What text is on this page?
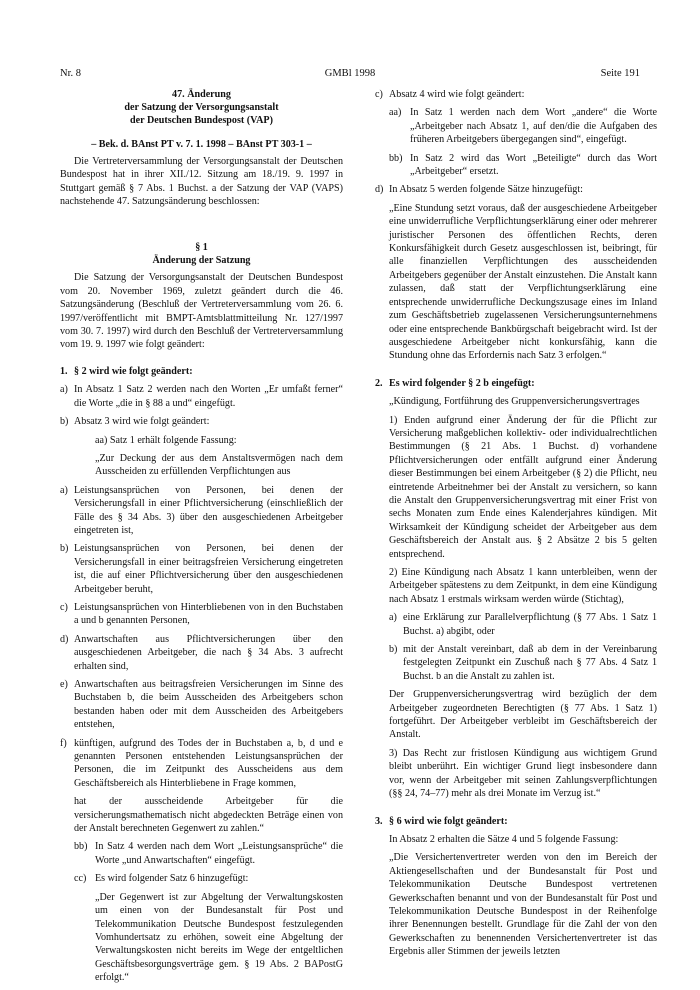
Nr. 8	GMBl 1998	Seite 191
47. Änderung
der Satzung der Versorgungsanstalt
der Deutschen Bundespost (VAP)

– Bek. d. BAnst PT v. 7. 1. 1998 – BAnst PT 303-1 –

Die Vertreterversammlung der Versorgungsanstalt der Deutschen Bundespost hat in ihrer XII./12. Sitzung am 18./19. 9. 1997 in Stuttgart gemäß § 7 Abs. 1 Buchst. a der Satzung der VAP (VAPS) nachstehende 47. Satzungsänderung beschlossen:

§ 1
Änderung der Satzung

Die Satzung der Versorgungsanstalt der Deutschen Bundespost vom 20. November 1969, zuletzt geändert durch die 46. Satzungsänderung (Beschluß der Vertreterversammlung vom 26. 6. 1997/veröffentlicht mit BMPT-Amtsblattmitteilung Nr. 127/1997 vom 30. 7. 1997) wird durch den Beschluß der Vertreterversammlung vom 19. 9. 1997 wie folgt geändert:

1. § 2 wird wie folgt geändert:
a) In Absatz 1 Satz 2 werden nach den Worten „Er umfaßt ferner“ die Worte „die in § 88 a und“ eingefügt.
b) Absatz 3 wird wie folgt geändert:

aa) Satz 1 erhält folgende Fassung:

„Zur Deckung der aus dem Anstaltsvermögen nach dem Ausscheiden zu erfüllenden Verpflichtungen aus

a) Leistungsansprüchen von Personen, bei denen der Versicherungsfall in einer Pflichtversicherung (einschließlich der Fälle des § 34 Abs. 3) über den ausgeschiedenen Arbeitgeber eingetreten ist,
b) Leistungsansprüchen von Personen, bei denen der Versicherungsfall in einer beitragsfreien Versicherung eingetreten ist, die auf einer Pflichtversicherung über den ausgeschiedenen Arbeitgeber beruht,
c) Leistungsansprüchen von Hinterbliebenen von in den Buchstaben a und b genannten Personen,
d) Anwartschaften aus Pflichtversicherungen über den ausgeschiedenen Arbeitgeber, die nach § 34 Abs. 3 aufrecht erhalten sind,
e) Anwartschaften aus beitragsfreien Versicherungen im Sinne des Buchstaben b, die beim Ausscheiden des Arbeitgebers schon bestanden haben oder mit dem Ausscheiden des Arbeitgebers entstehen,
f) künftigen, aufgrund des Todes der in Buchstaben a, b, d und e genannten Personen entstehenden Leistungsansprüchen der Personen, die im Zeitpunkt des Ausscheidens aus dem Geschäftsbereich als Hinterbliebene in Frage kommen,

hat der ausscheidende Arbeitgeber für die versicherungsmathematisch nicht abgedeckten Beträge einen von der Anstalt berechneten Gegenwert zu zahlen.“

bb) In Satz 4 werden nach dem Wort „Leistungsansprüche“ die Worte „und Anwartschaften“ eingefügt.
cc) Es wird folgender Satz 6 hinzugefügt:

„Der Gegenwert ist zur Abgeltung der Verwaltungskosten um einen von der Bundesanstalt für Post und Telekommunikation Deutsche Bundespost festzulegenden Vomhundertsatz zu erhöhen, soweit eine Abgeltung der Verwaltungskosten nicht bereits im Wege der entgeltlichen Geschäftsbesorgungsverträge gem. § 19 Abs. 2 BAPostG erfolgt.“

c) Absatz 4 wird wie folgt geändert:
aa) In Satz 1 werden nach dem Wort „andere“ die Worte „Arbeitgeber nach Absatz 1, auf den/die die Aufgaben des früheren Arbeitgebers übergegangen sind“, eingefügt.
bb) In Satz 2 wird das Wort „Beteiligte“ durch das Wort „Arbeitgeber“ ersetzt.
d) In Absatz 5 werden folgende Sätze hinzugefügt:

„Eine Stundung setzt voraus, daß der ausgeschiedene Arbeitgeber eine unwiderrufliche Verpflichtungserklärung einer oder mehrerer juristischer Personen des öffentlichen Rechts, deren Konkursfähigkeit durch Gesetz ausgeschlossen ist, beibringt, für alle finanziellen Verpflichtungen des ausscheidenden Arbeitgebers gegenüber der Anstalt einzustehen. Die Anstalt kann zulassen, daß statt der Verpflichtungserklärung eine entsprechende unwiderrufliche Deckungszusage eines im Inland zum Geschäftsbetrieb zugelassenen Versicherungsunternehmens oder eine entsprechende Bankbürgschaft beigebracht wird. Ist der ausgeschiedene Arbeitgeber nicht konkursfähig, kann die Stundung ohne das Erfordernis nach Satz 3 erfolgen.“

2. Es wird folgender § 2 b eingefügt:

„Kündigung, Fortführung des Gruppenversicherungsvertrages

1) Enden aufgrund einer Änderung der für die Pflicht zur Versicherung maßgeblichen kollektiv- oder individualrechtlichen Bestimmungen (§ 21 Abs. 1 Buchst. d) vorhandene Pflichtversicherungen oder entfällt aufgrund einer Änderung dieser Bestimmungen bei einem Arbeitgeber (§ 2) die Pflicht, neu eintretende Arbeitnehmer bei der Anstalt zu versichern, so kann die Anstalt den Gruppenversicherungsvertrag mit einer Frist von sechs Monaten zum Ende eines Kalenderjahres kündigen. Mit Wirksamkeit der Kündigung scheidet der Arbeitgeber aus dem Geschäftsbereich der Anstalt aus. § 2 Absätze 2 bis 5 gelten entsprechend.

2) Eine Kündigung nach Absatz 1 kann unterbleiben, wenn der Arbeitgeber spätestens zu dem Zeitpunkt, in dem eine Kündigung nach Absatz 1 erstmals wirksam werden würde (Stichtag),

a) eine Erklärung zur Parallelverpflichtung (§ 77 Abs. 1 Satz 1 Buchst. a) abgibt, oder
b) mit der Anstalt vereinbart, daß ab dem in der Vereinbarung festgelegten Zeitpunkt ein Zuschuß nach § 77 Abs. 4 Satz 1 Buchst. b an die Anstalt zu zahlen ist.

Der Gruppenversicherungsvertrag wird bezüglich der dem Arbeitgeber zugeordneten Berechtigten (§ 77 Abs. 1 Satz 1) fortgeführt. Der Arbeitgeber verbleibt im Geschäftsbereich der Anstalt.

3) Das Recht zur fristlosen Kündigung aus wichtigem Grund bleibt unberührt. Ein wichtiger Grund liegt insbesondere dann vor, wenn der Arbeitgeber mit seinen Zahlungsverpflichtungen (§§ 24, 74–77) mehr als drei Monate im Verzug ist.“

3. § 6 wird wie folgt geändert:

In Absatz 2 erhalten die Sätze 4 und 5 folgende Fassung:

„Die Versichertenvertreter werden von den im Bereich der Aktiengesellschaften und der Bundesanstalt für Post und Telekommunikation Deutsche Bundespost vertretenen Gewerkschaften benannt und von der Bundesanstalt für Post und Telekommunikation Deutsche Bundespost in der Reihenfolge ihrer Benennungen bestellt. Grundlage für die Zahl der von den Gewerkschaften zu benennenden Versichertenvertreter ist das Ergebnis aller Stimmen der jeweils letzten
